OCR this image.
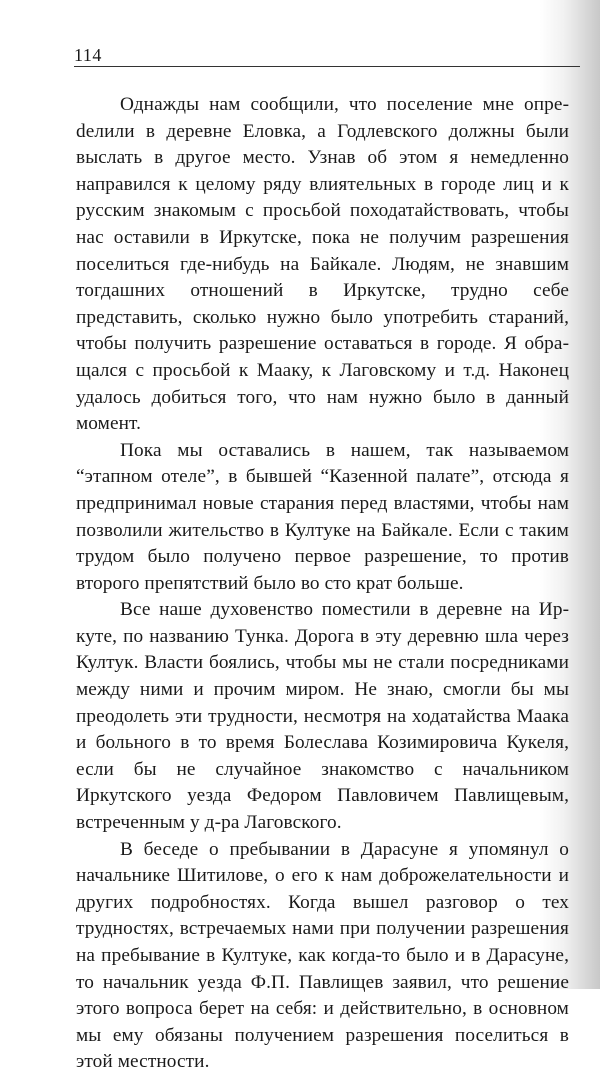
114

Однажды нам сообщили, что поселение мне опреdелили в деревне Еловка, а Годлевского должны были выслать в другое место. Узнав об этом я немедленно направился к целому ряду влиятельных в городе лиц и к русским знакомым с просьбой походатайствовать, чтобы нас оставили в Иркутске, пока не получим разрешения поселиться где-нибудь на Байкале. Людям, не знавшим тогдашних отношений в Иркутске, трудно себе представить, сколько нужно было употребить стараний, чтобы получить разрешение оставаться в городе. Я обращался с просьбой к Мааку, к Лаговскому и т.д. Наконец удалось добиться того, что нам нужно было в данный момент.

Пока мы оставались в нашем, так называемом “этапном отеле”, в бывшей “Казенной палате”, отсюда я предпринимал новые старания перед властями, чтобы нам позволили жительство в Култуке на Байкале. Если с таким трудом было получено первое разрешение, то против второго препятствий было во сто крат больше.

Все наше духовенство поместили в деревне на Иркуте, по названию Тунка. Дорога в эту деревню шла через Култук. Власти боялись, чтобы мы не стали посредниками между ними и прочим миром. Не знаю, смогли бы мы преодолеть эти трудности, несмотря на ходатайства Маака и больного в то время Болеслава Козимировича Кукеля, если бы не случайное знакомство с начальником Иркутского уезда Федором Павловичем Павлищевым, встреченным у д-ра Лаговского.

В беседе о пребывании в Дарасуне я упомянул о начальнике Шитилове, о его к нам доброжелательности и других подробностях. Когда вышел разговор о тех трудностях, встречаемых нами при получении разрешения на пребывание в Култуке, как когда-то было и в Дарасуне, то начальник уезда Ф.П. Павлищев заявил, что решение этого вопроса берет на себя: и действительно, в основном мы ему обязаны получением разрешения поселиться в этой местности.
